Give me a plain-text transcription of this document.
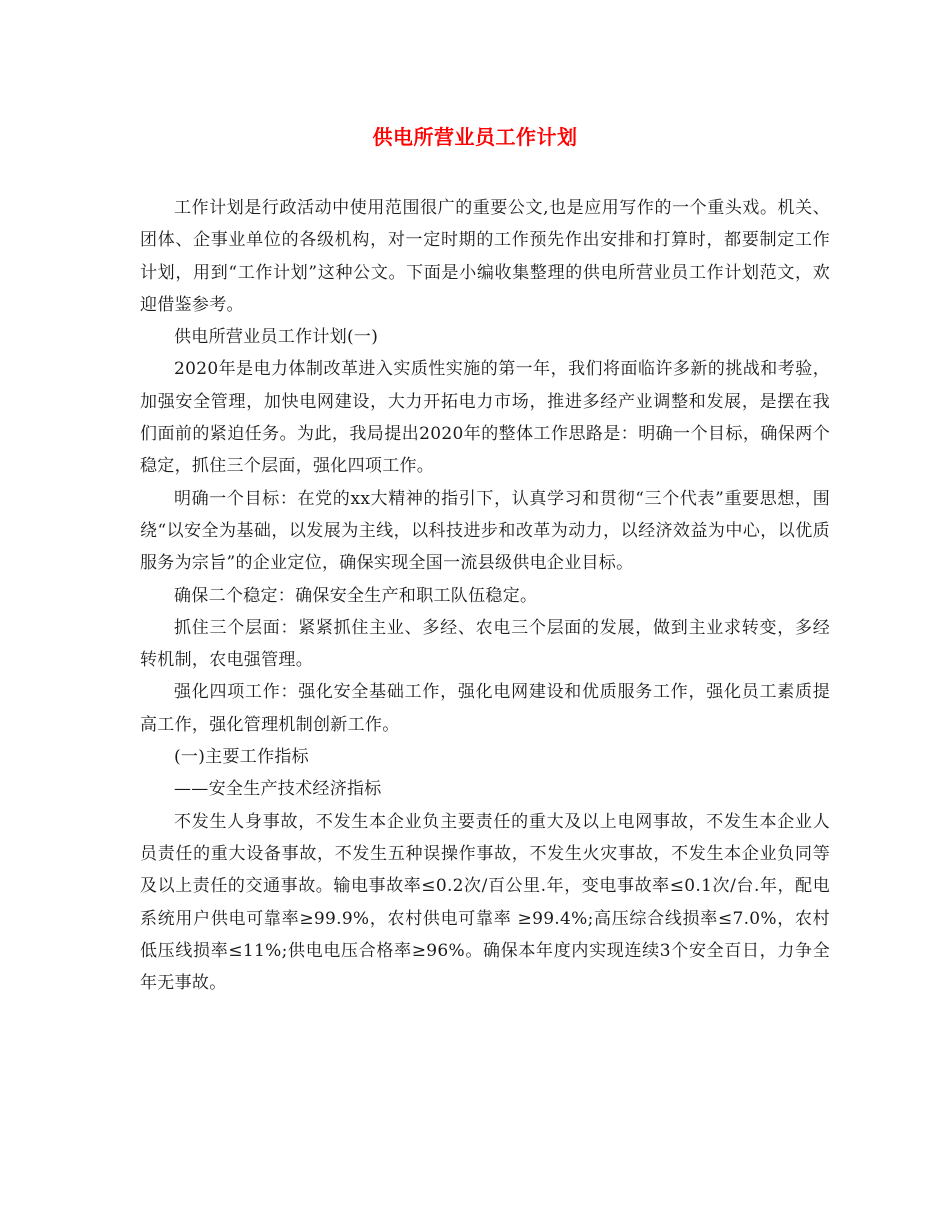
供电所营业员工作计划

工作计划是行政活动中使用范围很广的重要公文,也是应用写作的一个重头戏。机关、团体、企事业单位的各级机构，对一定时期的工作预先作出安排和打算时，都要制定工作计划，用到“工作计划”这种公文。下面是小编收集整理的供电所营业员工作计划范文，欢迎借鉴参考。

供电所营业员工作计划(一)

2020年是电力体制改革进入实质性实施的第一年，我们将面临许多新的挑战和考验，加强安全管理，加快电网建设，大力开拓电力市场，推进多经产业调整和发展，是摆在我们面前的紧迫任务。为此，我局提出2020年的整体工作思路是：明确一个目标，确保两个稳定，抓住三个层面，强化四项工作。

明确一个目标：在党的xx大精神的指引下，认真学习和贯彻“三个代表”重要思想，围绕“以安全为基础，以发展为主线，以科技进步和改革为动力，以经济效益为中心，以优质服务为宗旨”的企业定位，确保实现全国一流县级供电企业目标。

确保二个稳定：确保安全生产和职工队伍稳定。

抓住三个层面：紧紧抓住主业、多经、农电三个层面的发展，做到主业求转变，多经转机制，农电强管理。

强化四项工作：强化安全基础工作，强化电网建设和优质服务工作，强化员工素质提高工作，强化管理机制创新工作。

(一)主要工作指标

——安全生产技术经济指标

不发生人身事故，不发生本企业负主要责任的重大及以上电网事故，不发生本企业人员责任的重大设备事故，不发生五种误操作事故，不发生火灾事故，不发生本企业负同等及以上责任的交通事故。输电事故率≤0.2次/百公里.年，变电事故率≤0.1次/台.年，配电系统用户供电可靠率≥99.9%，农村供电可靠率 ≥99.4%;高压综合线损率≤7.0%，农村低压线损率≤11%;供电电压合格率≥96%。确保本年度内实现连续3个安全百日，力争全年无事故。
